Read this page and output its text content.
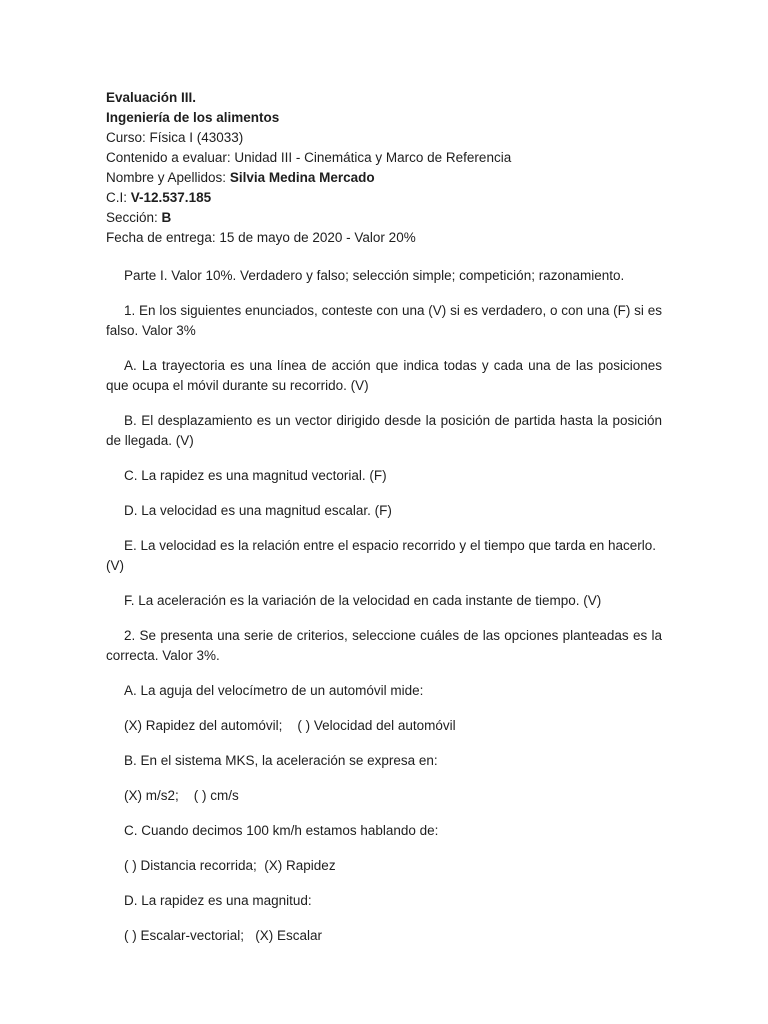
Evaluación III.
Ingeniería de los alimentos
Curso: Física I (43033)
Contenido a evaluar: Unidad III - Cinemática y Marco de Referencia
Nombre y Apellidos: Silvia Medina Mercado
C.I: V-12.537.185
Sección: B
Fecha de entrega: 15 de mayo de 2020 - Valor 20%

Parte I. Valor 10%. Verdadero y falso; selección simple; competición; razonamiento.

1. En los siguientes enunciados, conteste con una (V) si es verdadero, o con una (F) si es falso. Valor 3%

A. La trayectoria es una línea de acción que indica todas y cada una de las posiciones que ocupa el móvil durante su recorrido. (V)

B. El desplazamiento es un vector dirigido desde la posición de partida hasta la posición de llegada. (V)

C. La rapidez es una magnitud vectorial. (F)

D. La velocidad es una magnitud escalar. (F)

E. La velocidad es la relación entre el espacio recorrido y el tiempo que tarda en hacerlo. (V)

F. La aceleración es la variación de la velocidad en cada instante de tiempo. (V)

2. Se presenta una serie de criterios, seleccione cuáles de las opciones planteadas es la correcta. Valor 3%.

A. La aguja del velocímetro de un automóvil mide:

(X) Rapidez del automóvil;    ( ) Velocidad del automóvil

B. En el sistema MKS, la aceleración se expresa en:

(X) m/s2;    ( ) cm/s

C. Cuando decimos 100 km/h estamos hablando de:

( ) Distancia recorrida;  (X) Rapidez

D. La rapidez es una magnitud:

( ) Escalar-vectorial;   (X) Escalar
